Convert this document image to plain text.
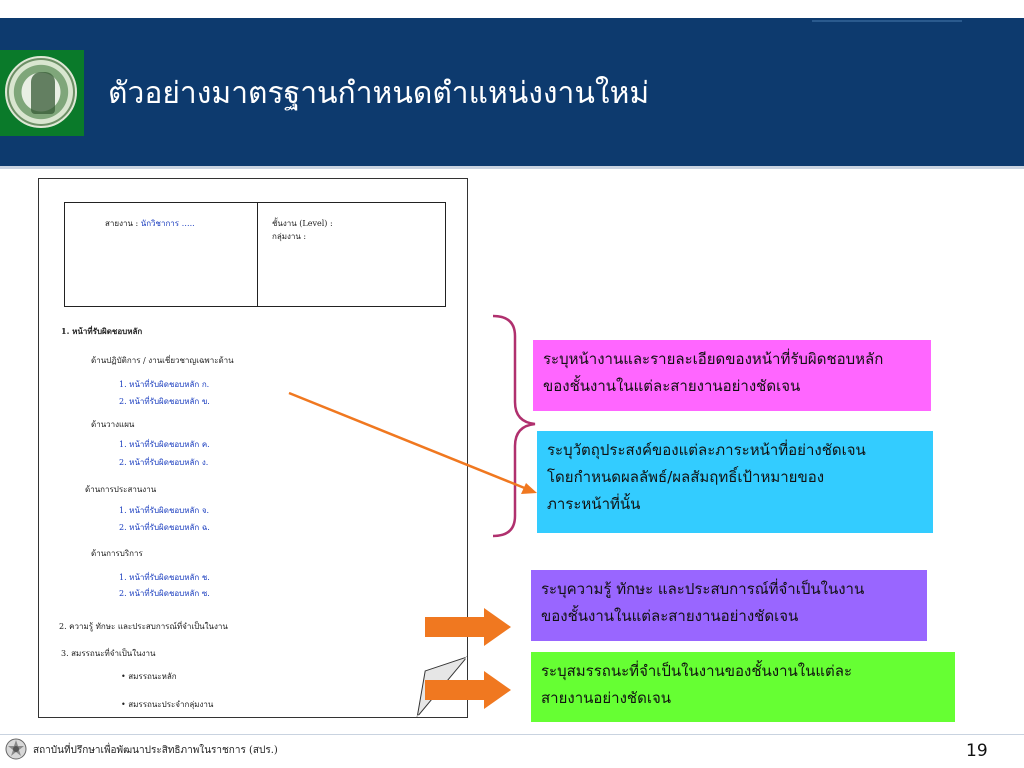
ตัวอย่างมาตรฐานกำหนดตำแหน่งงานใหม่
สายงาน : นักวิชาการ …..	ชั้นงาน (Level) :
กลุ่มงาน :
1. หน้าที่รับผิดชอบหลัก
ด้านปฏิบัติการ / งานเชี่ยวชาญเฉพาะด้าน
1. หน้าที่รับผิดชอบหลัก ก.
2. หน้าที่รับผิดชอบหลัก ข.
ด้านวางแผน
1. หน้าที่รับผิดชอบหลัก ค.
2. หน้าที่รับผิดชอบหลัก ง.
ด้านการประสานงาน
1. หน้าที่รับผิดชอบหลัก จ.
2. หน้าที่รับผิดชอบหลัก ฉ.
ด้านการบริการ
1. หน้าที่รับผิดชอบหลัก ช.
2. หน้าที่รับผิดชอบหลัก ซ.
2. ความรู้ ทักษะ และประสบการณ์ที่จำเป็นในงาน
3. สมรรถนะที่จำเป็นในงาน
• สมรรถนะหลัก
• สมรรถนะประจำกลุ่มงาน
ระบุหน้างานและรายละเอียดของหน้าที่รับผิดชอบหลัก
ของชั้นงานในแต่ละสายงานอย่างชัดเจน
ระบุวัตถุประสงค์ของแต่ละภาระหน้าที่อย่างชัดเจน
โดยกำหนดผลลัพธ์/ผลสัมฤทธิ์เป้าหมายของ
ภาระหน้าที่นั้น
ระบุความรู้ ทักษะ และประสบการณ์ที่จำเป็นในงาน
ของชั้นงานในแต่ละสายงานอย่างชัดเจน
ระบุสมรรถนะที่จำเป็นในงานของชั้นงานในแต่ละ
สายงานอย่างชัดเจน
สถาบันที่ปรึกษาเพื่อพัฒนาประสิทธิภาพในราชการ (สปร.)	19
